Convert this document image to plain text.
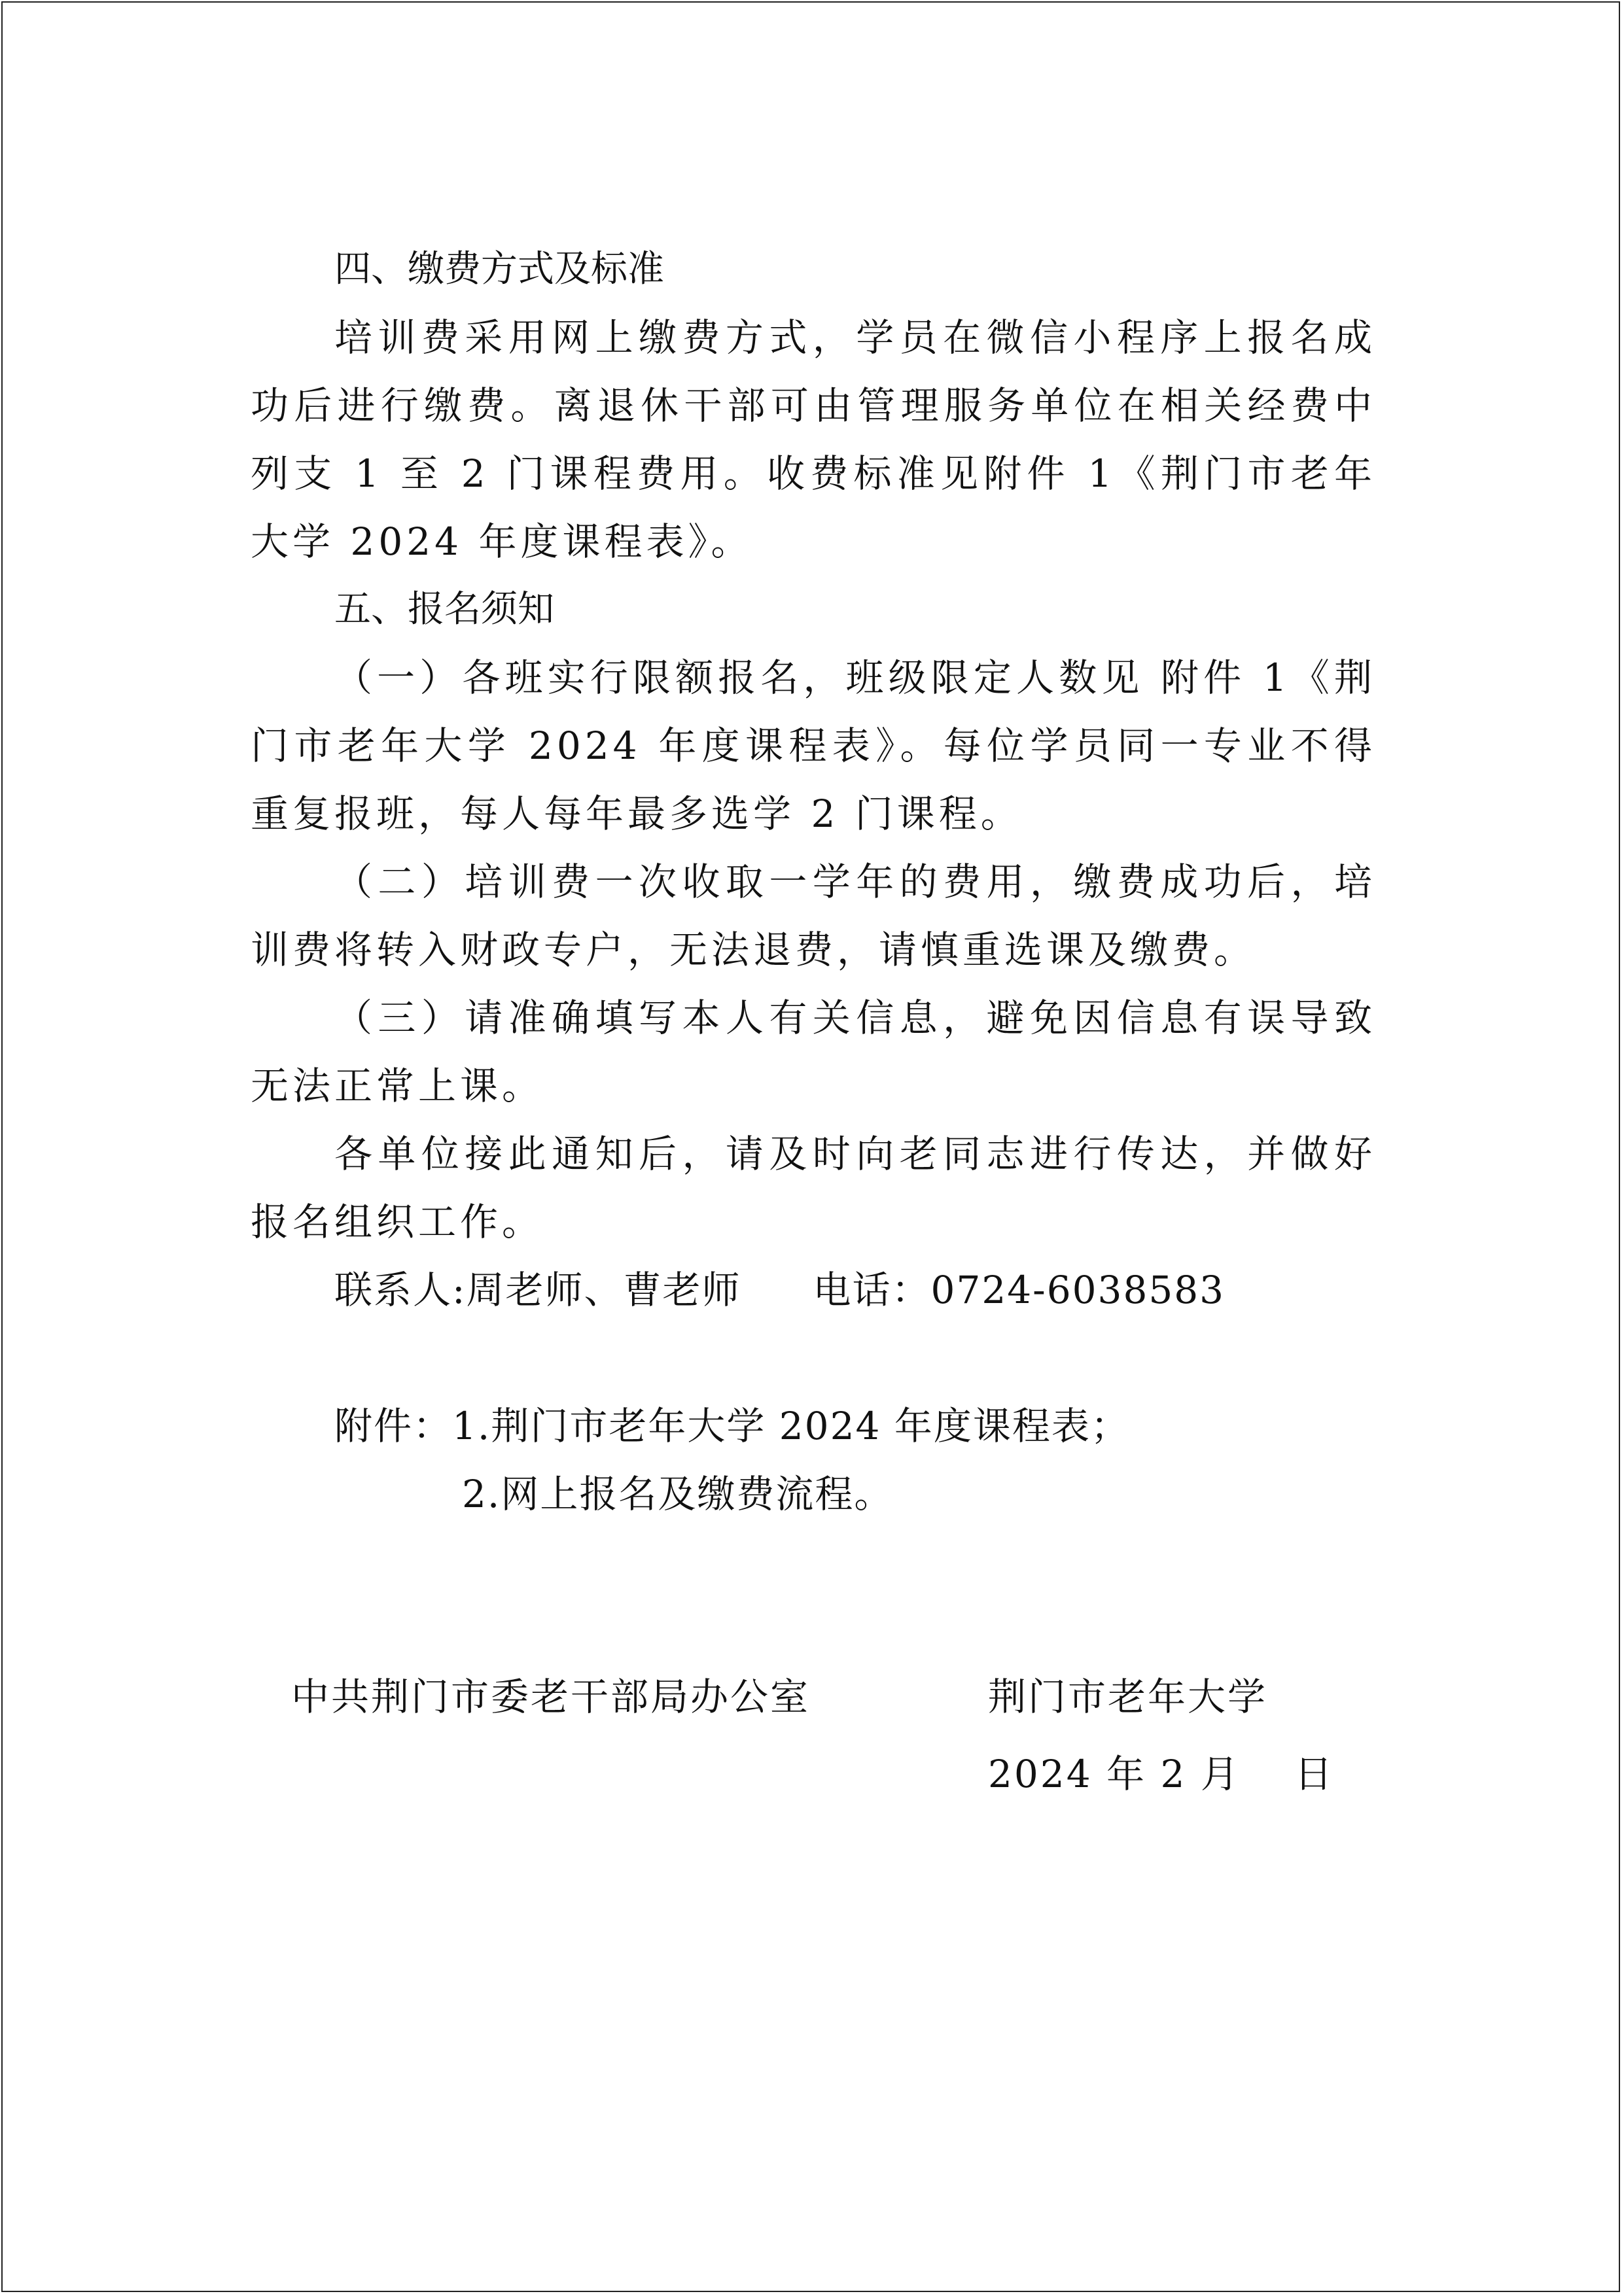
四、缴费方式及标准

培训费采用网上缴费方式，学员在微信小程序上报名成功后进行缴费。离退休干部可由管理服务单位在相关经费中列支 1 至 2 门课程费用。收费标准见附件 1《荆门市老年大学 2024 年度课程表》。

五、报名须知

（一）各班实行限额报名，班级限定人数见 附件 1《荆门市老年大学 2024 年度课程表》。每位学员同一专业不得重复报班，每人每年最多选学 2 门课程。

（二）培训费一次收取一学年的费用，缴费成功后，培训费将转入财政专户，无法退费，请慎重选课及缴费。

（三）请准确填写本人有关信息，避免因信息有误导致无法正常上课。

各单位接此通知后，请及时向老同志进行传达，并做好报名组织工作。

联系人:周老师、曹老师 电话：0724-6038583
附件：1.荆门市老年大学 2024 年度课程表；
2.网上报名及缴费流程。
中共荆门市委老干部局办公室	荆门市老年大学
2024 年 2 月　 日
